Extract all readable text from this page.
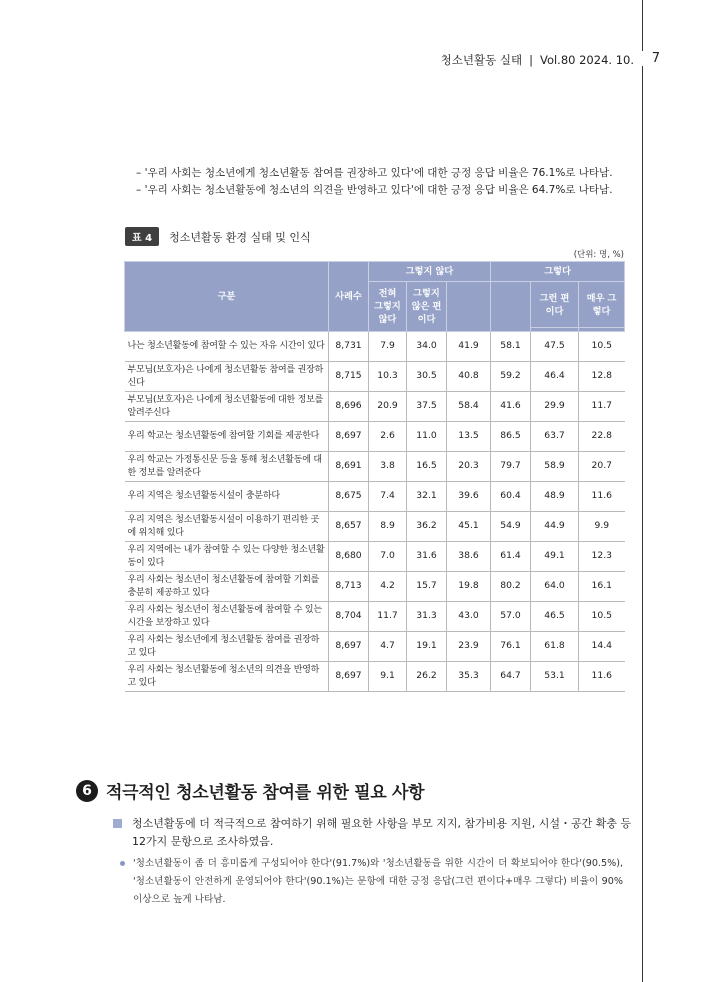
청소년활동 실태 | Vol.80 2024. 10.	7
– '우리 사회는 청소년에게 청소년활동 참여를 권장하고 있다'에 대한 긍정 응답 비율은 76.1%로 나타남.
– '우리 사회는 청소년활동에 청소년의 의견을 반영하고 있다'에 대한 긍정 응답 비율은 64.7%로 나타남.
표 4	청소년활동 환경 실태 및 인식
(단위: 명, %)
구분	사례수	그렇지 않다			그렇다		
		전혀 그렇지 않다	그렇지 않은 편이다			그런 편이다	매우 그렇다

나는 청소년활동에 참여할 수 있는 자유 시간이 있다	8,731	7.9	34.0	41.9	58.1	47.5	10.5
부모님(보호자)은 나에게 청소년활동 참여를 권장하신다	8,715	10.3	30.5	40.8	59.2	46.4	12.8
부모님(보호자)은 나에게 청소년활동에 대한 정보를 알려주신다	8,696	20.9	37.5	58.4	41.6	29.9	11.7
우리 학교는 청소년활동에 참여할 기회를 제공한다	8,697	2.6	11.0	13.5	86.5	63.7	22.8
우리 학교는 가정통신문 등을 통해 청소년활동에 대한 정보를 알려준다	8,691	3.8	16.5	20.3	79.7	58.9	20.7
우리 지역은 청소년활동시설이 충분하다	8,675	7.4	32.1	39.6	60.4	48.9	11.6
우리 지역은 청소년활동시설이 이용하기 편리한 곳에 위치해 있다	8,657	8.9	36.2	45.1	54.9	44.9	9.9
우리 지역에는 내가 참여할 수 있는 다양한 청소년활동이 있다	8,680	7.0	31.6	38.6	61.4	49.1	12.3
우리 사회는 청소년이 청소년활동에 참여할 기회를 충분히 제공하고 있다	8,713	4.2	15.7	19.8	80.2	64.0	16.1
우리 사회는 청소년이 청소년활동에 참여할 수 있는 시간을 보장하고 있다	8,704	11.7	31.3	43.0	57.0	46.5	10.5
우리 사회는 청소년에게 청소년활동 참여를 권장하고 있다	8,697	4.7	19.1	23.9	76.1	61.8	14.4
우리 사회는 청소년활동에 청소년의 의견을 반영하고 있다	8,697	9.1	26.2	35.3	64.7	53.1	11.6
6 적극적인 청소년활동 참여를 위한 필요 사항
청소년활동에 더 적극적으로 참여하기 위해 필요한 사항을 부모 지지, 참가비용 지원, 시설・공간 확충 등 12가지 문항으로 조사하였음.
'청소년활동이 좀 더 흥미롭게 구성되어야 한다'(91.7%)와 '청소년활동을 위한 시간이 더 확보되어야 한다'(90.5%), '청소년활동이 안전하게 운영되어야 한다'(90.1%)는 문항에 대한 긍정 응답(그런 편이다+매우 그렇다) 비율이 90% 이상으로 높게 나타남.
